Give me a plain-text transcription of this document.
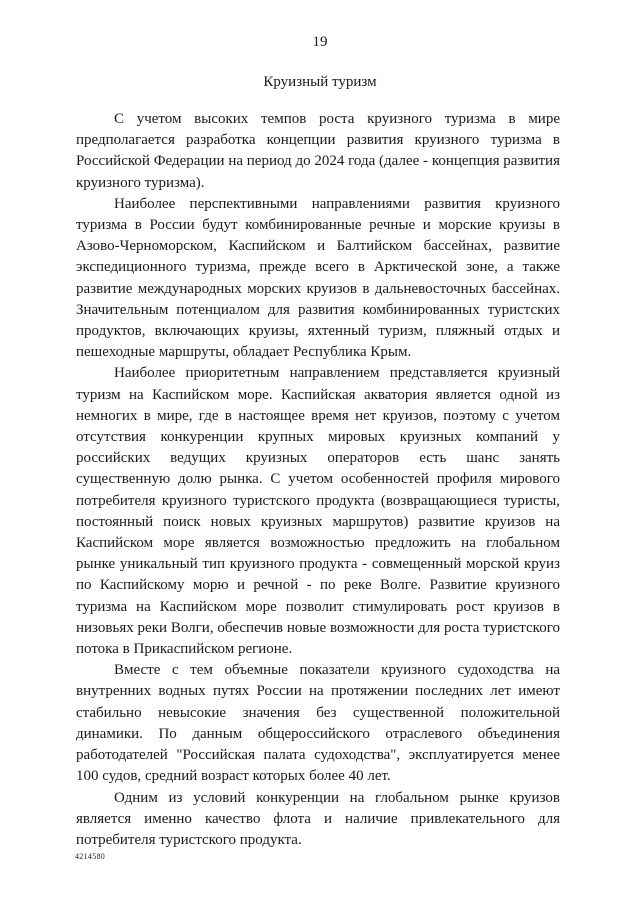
19
Круизный туризм

С учетом высоких темпов роста круизного туризма в мире предполагается разработка концепции развития круизного туризма в Российской Федерации на период до 2024 года (далее - концепция развития круизного туризма).

Наиболее перспективными направлениями развития круизного туризма в России будут комбинированные речные и морские круизы в Азово-Черноморском, Каспийском и Балтийском бассейнах, развитие экспедиционного туризма, прежде всего в Арктической зоне, а также развитие международных морских круизов в дальневосточных бассейнах. Значительным потенциалом для развития комбинированных туристских продуктов, включающих круизы, яхтенный туризм, пляжный отдых и пешеходные маршруты, обладает Республика Крым.

Наиболее приоритетным направлением представляется круизный туризм на Каспийском море. Каспийская акватория является одной из немногих в мире, где в настоящее время нет круизов, поэтому с учетом отсутствия конкуренции крупных мировых круизных компаний у российских ведущих круизных операторов есть шанс занять существенную долю рынка. С учетом особенностей профиля мирового потребителя круизного туристского продукта (возвращающиеся туристы, постоянный поиск новых круизных маршрутов) развитие круизов на Каспийском море является возможностью предложить на глобальном рынке уникальный тип круизного продукта - совмещенный морской круиз по Каспийскому морю и речной - по реке Волге. Развитие круизного туризма на Каспийском море позволит стимулировать рост круизов в низовьях реки Волги, обеспечив новые возможности для роста туристского потока в Прикаспийском регионе.

Вместе с тем объемные показатели круизного судоходства на внутренних водных путях России на протяжении последних лет имеют стабильно невысокие значения без существенной положительной динамики. По данным общероссийского отраслевого объединения работодателей "Российская палата судоходства", эксплуатируется менее 100 судов, средний возраст которых более 40 лет.

Одним из условий конкуренции на глобальном рынке круизов является именно качество флота и наличие привлекательного для потребителя туристского продукта.

4214580
